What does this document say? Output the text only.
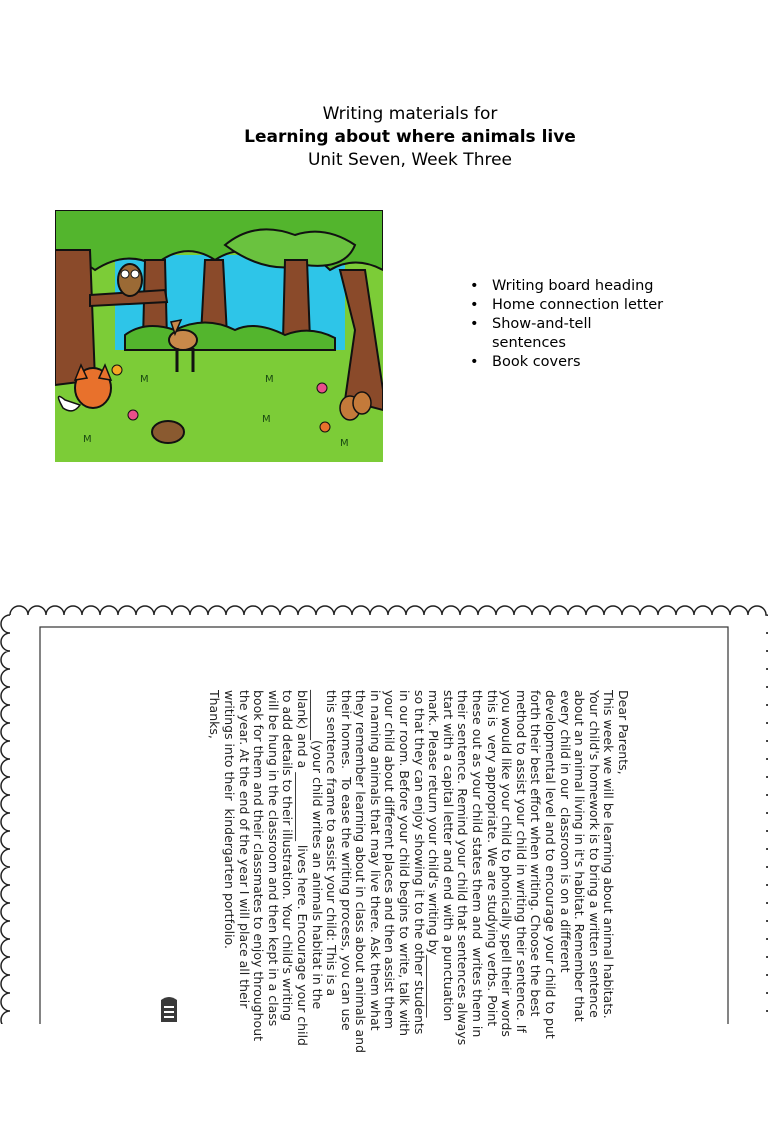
Writing materials for
Learning about where animals live
Unit Seven, Week Three
M	M
M
M
M
• Writing board heading
• Home connection letter
• Show-and-tell
sentences
• Book covers
Dear Parents,
This week we will be learning about animal habitats.
Your child's homework is to bring a written sentence
about an animal living in it's habitat. Remember that
every child in our  classroom is on a different
developmental level and to encourage your child to put
forth their best effort when writing. Choose the best
method to assist your child in writing their sentence. If
you would like your child to phonically spell their words
this is  very appropriate. We are studying verbs. Point
these out as your child states them and  writes them in
their sentence. Remind your child that sentences always
start with a capital letter and end with a punctuation
mark. Please return your child's writing by__________
so that they can enjoy showing it to the other students
in our room. Before your child begins to write, talk with
your child about different places and then assist them
in naming animals that may live there. Ask them what
they remember learning about in class about animals and
their homes.  To ease the writing process, you can use
this sentence frame to assist your child: This is a
________(your child writes an animals habitat in the
blank) and a ___________ lives here. Encourage your child
to add details to their illustration. Your child's writing
will be hung in the classroom and then kept in a class
book for them and their classmates to enjoy throughout
the year. At the end of the year I will place all their
writings into their  kindergarten portfolio.
Thanks,
